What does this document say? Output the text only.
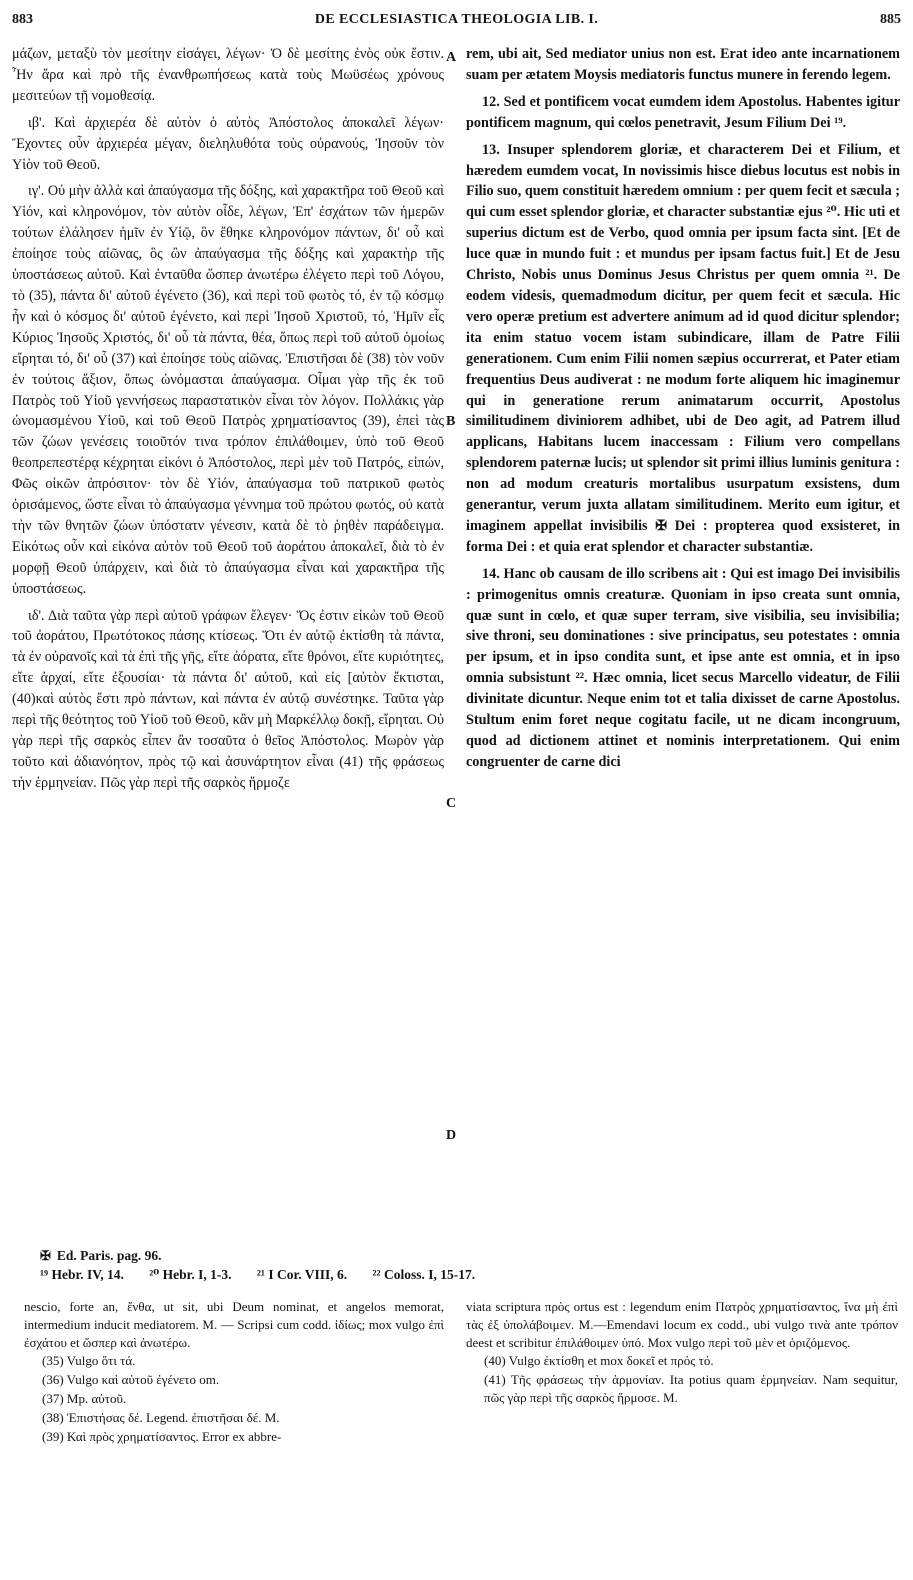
883	DE ECCLESIASTICA THEOLOGIA LIB. I.	885

μάζων, μεταξὺ τὸν μεσίτην εἰσάγει, λέγων· Ὁ δὲ μεσίτης ἑνὸς οὐκ ἔστιν. Ἦν ἄρα καὶ πρὸ τῆς ἐνανθρωπήσεως κατὰ τοὺς Μωϋσέως χρόνους μεσιτεύων τῇ νομοθεσίᾳ.

ιβ'. Καὶ ἀρχιερέα δὲ αὐτὸν ὁ αὐτὸς Ἀπόστολος ἀποκαλεῖ λέγων· Ἔχοντες οὖν ἀρχιερέα μέγαν, διεληλυθότα τοὺς οὐρανούς, Ἰησοῦν τὸν Υἱὸν τοῦ Θεοῦ.

ιγ'. Οὐ μὴν ἀλλὰ καὶ ἀπαύγασμα τῆς δόξης, καὶ χαρακτῆρα τοῦ Θεοῦ καὶ Υἱόν, καὶ κληρονόμον, τὸν αὐτὸν οἶδε, λέγων, Ἐπ' ἐσχάτων τῶν ἡμερῶν τούτων ἐλάλησεν ἡμῖν ἐν Υἱῷ, ὃν ἔθηκε κληρονόμον πάντων, δι' οὗ καὶ ἐποίησε τοὺς αἰῶνας, ὃς ὢν ἀπαύγασμα τῆς δόξης καὶ χαρακτὴρ τῆς ὑποστάσεως αὐτοῦ. Καὶ ἐνταῦθα ὥσπερ ἀνωτέρω ἐλέγετο περὶ τοῦ Λόγου, τὸ (35), πάντα δι' αὐτοῦ ἐγένετο (36), καὶ περὶ τοῦ φωτὸς τό, ἐν τῷ κόσμῳ ἦν καὶ ὁ κόσμος δι' αὐτοῦ ἐγένετο, καὶ περὶ Ἰησοῦ Χριστοῦ, τό, Ἡμῖν εἷς Κύριος Ἰησοῦς Χριστός, δι' οὗ τὰ πάντα, θέα, ὅπως περὶ τοῦ αὐτοῦ ὁμοίως εἴρηται τό, δι' οὗ (37) καὶ ἐποίησε τοὺς αἰῶνας. Ἐπιστῆσαι δὲ (38) τὸν νοῦν ἐν τούτοις ἄξιον, ὅπως ὠνόμασται ἀπαύγασμα. Οἶμαι γὰρ τῆς ἐκ τοῦ Πατρὸς τοῦ Υἱοῦ γεννήσεως παραστατικὸν εἶναι τὸν λόγον. Πολλάκις γὰρ ὠνομασμένου Υἱοῦ, καὶ τοῦ Θεοῦ Πατρὸς χρηματίσαντος (39), ἐπεὶ τὰς τῶν ζώων γενέσεις τοιοῦτόν τινα τρόπον ἐπιλάθοιμεν, ὑπὸ τοῦ Θεοῦ θεοπρεπεστέρᾳ κέχρηται εἰκόνι ὁ Ἀπόστολος, περὶ μὲν τοῦ Πατρός, εἰπών, Φῶς οἰκῶν ἀπρόσιτον· τὸν δὲ Υἱόν, ἀπαύγασμα τοῦ πατρικοῦ φωτὸς ὁρισάμενος, ὥστε εἶναι τὸ ἀπαύγασμα γέννημα τοῦ πρώτου φωτός, οὐ κατὰ τὴν τῶν θνητῶν ζώων ὑπόστατν γένεσιν, κατὰ δὲ τὸ ῥηθὲν παράδειγμα. Εἰκότως οὖν καὶ εἰκόνα αὐτὸν τοῦ Θεοῦ τοῦ ἀοράτου ἀποκαλεῖ, διὰ τὸ ἐν μορφῇ Θεοῦ ὑπάρχειν, καὶ διὰ τὸ ἀπαύγασμα εἶναι καὶ χαρακτῆρα τῆς ὑποστάσεως.

ιδ'. Διὰ ταῦτα γὰρ περὶ αὐτοῦ γράφων ἔλεγεν· Ὅς ἐστιν εἰκὼν τοῦ Θεοῦ τοῦ ἀοράτου, Πρωτότοκος πάσης κτίσεως. Ὅτι ἐν αὐτῷ ἐκτίσθη τὰ πάντα, τὰ ἐν οὐρανοῖς καὶ τὰ ἐπὶ τῆς γῆς, εἴτε ἀόρατα, εἴτε θρόνοι, εἴτε κυριότητες, εἴτε ἀρχαί, εἴτε ἐξουσίαι· τὰ πάντα δι' αὐτοῦ, καὶ εἰς [αὐτὸν ἔκτισται, (40)καὶ αὐτὸς ἔστι πρὸ πάντων, καὶ πάντα ἐν αὐτῷ συνέστηκε. Ταῦτα γὰρ περὶ τῆς θεότητος τοῦ Υἱοῦ τοῦ Θεοῦ, κἂν μὴ Μαρκέλλῳ δοκῇ, εἴρηται. Οὐ γὰρ περὶ τῆς σαρκὸς εἶπεν ἂν τοσαῦτα ὁ θεῖος Ἀπόστολος. Μωρὸν γὰρ τοῦτο καὶ ἀδιανόητον, πρὸς τῷ καὶ ἀσυνάρτητον εἶναι (41) τῆς φράσεως τὴν ἑρμηνείαν. Πῶς γὰρ περὶ τῆς σαρκὸς ἥρμοζε

A
B
C
D

rem, ubi ait, Sed mediator unius non est. Erat ideo ante incarnationem suam per ætatem Moysis mediatoris functus munere in ferendo legem.

12. Sed et pontificem vocat eumdem idem Apostolus. Habentes igitur pontificem magnum, qui cœlos penetravit, Jesum Filium Dei ¹⁹.

13. Insuper splendorem gloriæ, et characterem Dei et Filium, et hæredem eumdem vocat, In novissimis hisce diebus locutus est nobis in Filio suo, quem constituit hæredem omnium : per quem fecit et sæcula ; qui cum esset splendor gloriæ, et character substantiæ ejus ²⁰. Hic uti et superius dictum est de Verbo, quod omnia per ipsum facta sint. [Et de luce quæ in mundo fuit : et mundus per ipsam factus fuit.] Et de Jesu Christo, Nobis unus Dominus Jesus Christus per quem omnia ²¹. De eodem videsis, quemadmodum dicitur, per quem fecit et sæcula. Hic vero operæ pretium est advertere animum ad id quod dicitur splendor; ita enim statuo vocem istam subindicare, illam de Patre Filii generationem. Cum enim Filii nomen sæpius occurrerat, et Pater etiam frequentius Deus audiverat : ne modum forte aliquem hic imaginemur qui in generatione rerum animatarum occurrit, Apostolus similitudinem diviniorem adhibet, ubi de Deo agit, ad Patrem illud applicans, Habitans lucem inaccessam : Filium vero compellans splendorem paternæ lucis; ut splendor sit primi illius luminis genitura : non ad modum creaturis mortalibus usurpatum exsistens, dum generantur, verum juxta allatam similitudinem. Merito eum igitur, et imaginem appellat invisibilis ✠ Dei : propterea quod exsisteret, in forma Dei : et quia erat splendor et character substantiæ.

14. Hanc ob causam de illo scribens ait : Qui est imago Dei invisibilis : primogenitus omnis creaturæ. Quoniam in ipso creata sunt omnia, quæ sunt in cœlo, et quæ super terram, sive visibilia, seu invisibilia; sive throni, seu dominationes : sive principatus, seu potestates : omnia per ipsum, et in ipso condita sunt, et ipse ante est omnia, et in ipso omnia subsistunt ²². Hæc omnia, licet secus Marcello videatur, de Filii divinitate dicuntur. Neque enim tot et talia dixisset de carne Apostolus. Stultum enim foret neque cogitatu facile, ut ne dicam incongruum, quod ad dictionem attinet et nominis interpretationem. Qui enim congruenter de carne dici

✠ Ed. Paris. pag. 96.
¹⁹ Hebr. IV, 14. ²⁰ Hebr. I, 1-3. ²¹ I Cor. VIII, 6. ²² Coloss. I, 15-17.
nescio, forte an, ἔνθα, ut sit, ubi Deum nominat, et angelos memorat, intermedium inducit mediatorem. M. — Scripsi cum codd. ἰδίως; mox vulgo ἐπὶ ἐσχάτου et ὥσπερ καὶ ἀνωτέρω.
(35) Vulgo ὅτι τά.
(36) Vulgo καὶ αὐτοῦ ἐγένετο om.
(37) Mp. αὐτοῦ.
(38) Ἐπιστήσας δέ. Legend. ἐπιστῆσαι δέ. M.
(39) Καὶ πρὸς χρηματίσαντος. Error ex abbre-
viata scriptura πρὸς ortus est : legendum enim Πατρὸς χρηματίσαντος, ἵνα μὴ ἐπὶ τὰς ἐξ ὑπολάβοιμεν. M.—Emendavi locum ex codd., ubi vulgo τινὰ ante τρόπον deest et scribitur ἐπιλάθοιμεν ὑπό. Mox vulgo περὶ τοῦ μὲν et ὁριζόμενος.
(40) Vulgo ἐκτίσθη et mox δοκεῖ et πρός τό.
(41) Τῆς φράσεως τὴν ἁρμονίαν. Ita potius quam ἑρμηνείαν. Nam sequitur, πῶς γὰρ περὶ τῆς σαρκὸς ἥρμοσε. M.
